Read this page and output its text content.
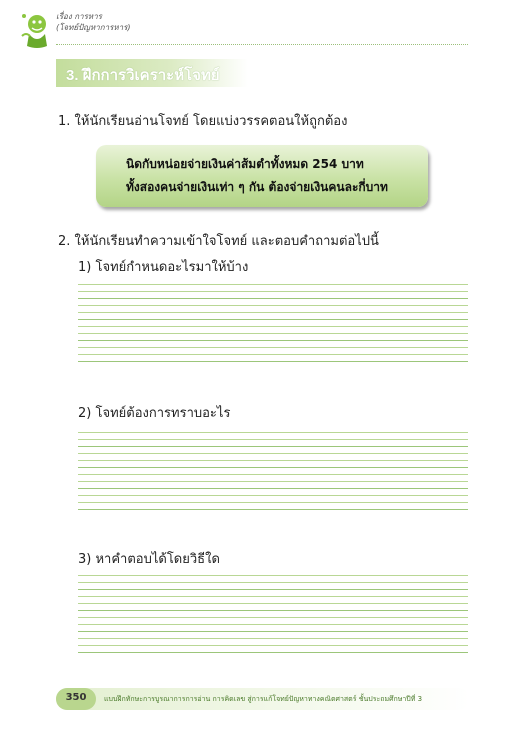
เรื่อง การหาร
(โจทย์ปัญหาการหาร)
3. ฝึกการวิเคราะห์โจทย์
1. ให้นักเรียนอ่านโจทย์ โดยแบ่งวรรคตอนให้ถูกต้อง
นิดกับหน่อยจ่ายเงินค่าส้มตำทั้งหมด 254 บาท
ทั้งสองคนจ่ายเงินเท่า ๆ กัน ต้องจ่ายเงินคนละกี่บาท
2. ให้นักเรียนทำความเข้าใจโจทย์ และตอบคำถามต่อไปนี้
1) โจทย์กำหนดอะไรมาให้บ้าง
2) โจทย์ต้องการทราบอะไร
3) หาคำตอบได้โดยวิธีใด
350	แบบฝึกทักษะการบูรณาการการอ่าน การคิดเลข สู่การแก้โจทย์ปัญหาทางคณิตศาสตร์ ชั้นประถมศึกษาปีที่ 3
